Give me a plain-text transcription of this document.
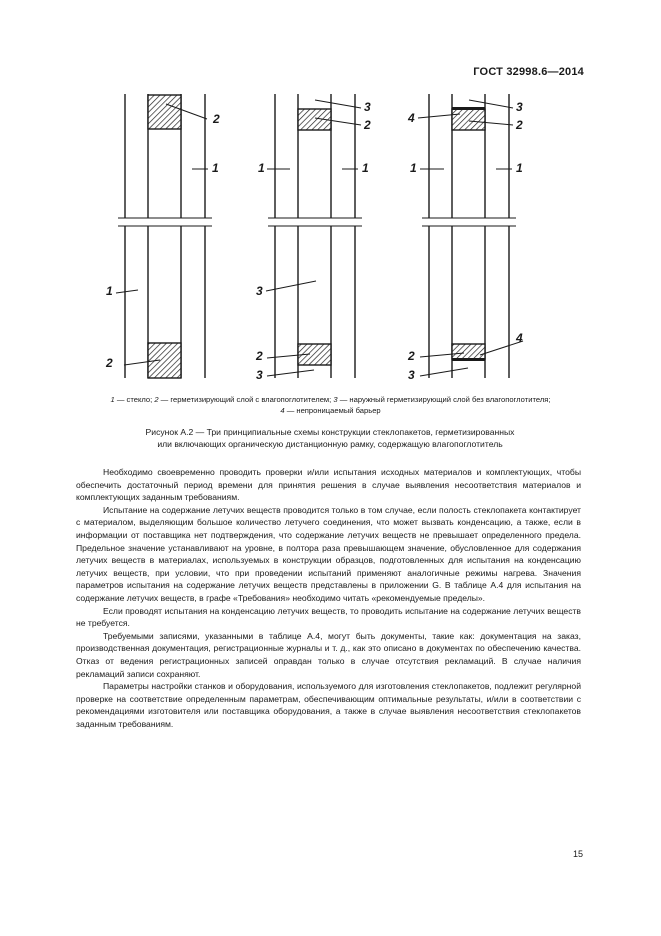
ГОСТ 32998.6—2014
2
1
1
2
3
2
1	1
3
2
3
3
4	2
1	1
4
2
3
1 — стекло; 2 — герметизирующий слой с влагопоглотителем; 3 — наружный герметизирующий слой без влагопоглотителя;
4 — непроницаемый барьер
Рисунок А.2 — Три принципиальные схемы конструкции стеклопакетов, герметизированных
или включающих органическую дистанционную рамку, содержащую влагопоглотитель

Необходимо своевременно проводить проверки и/или испытания исходных материалов и комплектующих, чтобы обеспечить достаточный период времени для принятия решения в случае выявления несоответствия материалов и комплектующих заданным требованиям.

Испытание на содержание летучих веществ проводится только в том случае, если полость стеклопакета контактирует с материалом, выделяющим большое количество летучего соединения, что может вызвать конденсацию, а также, если в информации от поставщика нет подтверждения, что содержание летучих веществ не превышает определенного предела. Предельное значение устанавливают на уровне, в полтора раза превышающем значение, обусловленное для содержания летучих веществ в материалах, используемых в конструкции образцов, подготовленных для испытания на конденсацию летучих веществ, при условии, что при проведении испытаний применяют аналогичные режимы нагрева. Значения параметров испытания на содержание летучих веществ представлены в приложении G. В таблице А.4 для испытания на содержание летучих веществ, в графе «Требования» необходимо читать «рекомендуемые пределы».

Если проводят испытания на конденсацию летучих веществ, то проводить испытание на содержание летучих веществ не требуется.

Требуемыми записями, указанными в таблице А.4, могут быть документы, такие как: документация на заказ, производственная документация, регистрационные журналы и т. д., как это описано в документах по обеспечению качества. Отказ от ведения регистрационных записей оправдан только в случае отсутствия рекламаций. В случае наличия рекламаций записи сохраняют.

Параметры настройки станков и оборудования, используемого для изготовления стеклопакетов, подлежит регулярной проверке на соответствие определенным параметрам, обеспечивающим оптимальные результаты, и/или в соответствии с рекомендациями изготовителя или поставщика оборудования, а также в случае выявления несоответствия стеклопакетов заданным требованиям.

15
